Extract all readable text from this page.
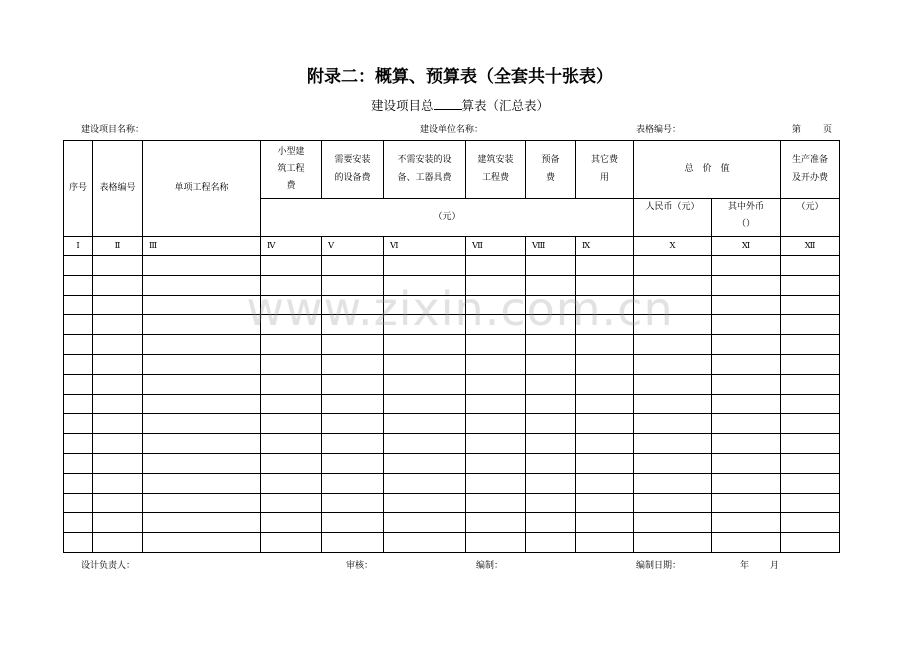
附录二：概算、预算表（全套共十张表）
建设项目总 算表（汇总表）
建设项目名称：	建设单位名称：	表格编号：	第 页
序号	表格编号	单项工程名称	小型建筑工程费	需要安装的设备费	不需安装的设备、工器具费	建筑安装工程费	预备费	其它费用	总　价　值		生产准备及开办费

			（元）						人民币（元）	其中外币（）	（元）

Ⅰ	Ⅱ	Ⅲ	Ⅳ	Ⅴ	Ⅵ	Ⅶ	Ⅷ	Ⅸ	Ⅹ	Ⅺ	Ⅻ

www.zixin.com.cn
设计负责人：	审核：	编制：	编制日期：	年 月
